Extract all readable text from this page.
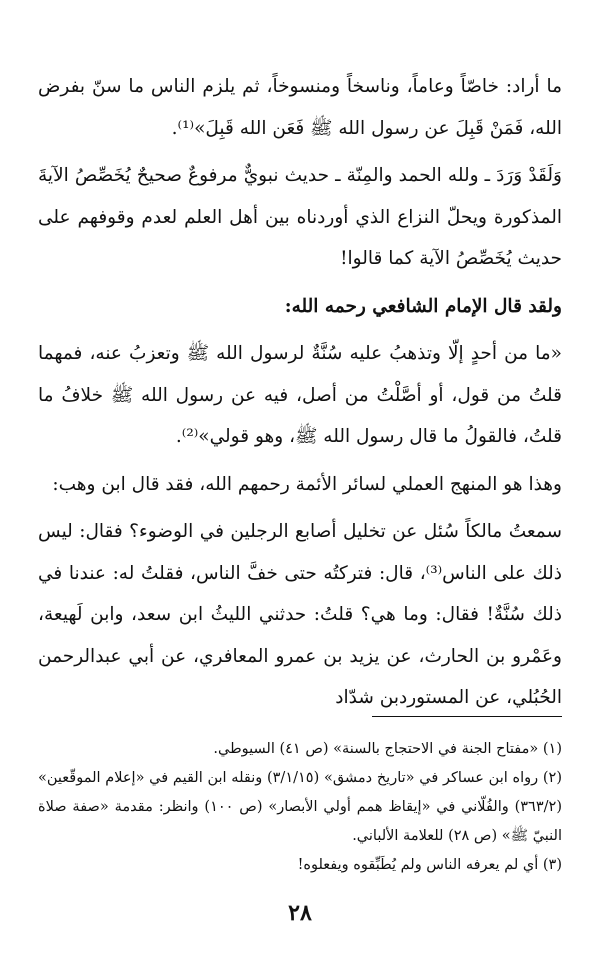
ما أراد: خاصّاً وعاماً، وناسخاً ومنسوخاً، ثم يلزم الناس ما سنّ بفرض الله، فَمَنْ قَبِلَ عن رسول الله ﷺ فَعَن الله قَبِلَ»⁽¹⁾.

وَلَقَدْ وَرَدَ ـ ولله الحمد والمِنّة ـ حديث نبويٌّ مرفوعٌ صحيحٌ يُخَصِّصُ الآيةَ المذكورة ويحلّ النزاع الذي أوردناه بين أهل العلم لعدم وقوفهم على حديث يُخَصِّصُ الآية كما قالوا!

ولقد قال الإمام الشافعي رحمه الله:

«ما من أحدٍ إلّا وتذهبُ عليه سُنَّةٌ لرسول الله ﷺ وتعزبُ عنه، فمهما قلتُ من قول، أو أصَّلْتُ من أصل، فيه عن رسول الله ﷺ خلافُ ما قلتُ، فالقولُ ما قال رسول الله ﷺ، وهو قولي»⁽²⁾.

وهذا هو المنهج العملي لسائر الأئمة رحمهم الله، فقد قال ابن وهب:

سمعتُ مالكاً سُئل عن تخليل أصابع الرجلين في الوضوء؟ فقال: ليس ذلك على الناس⁽³⁾، قال: فتركتُه حتى خفَّ الناس، فقلتُ له: عندنا في ذلك سُنَّةٌ! فقال: وما هي؟ قلتُ: حدثني الليثُ ابن سعد، وابن لَهيعة، وعَمْرو بن الحارث، عن يزيد بن عمرو المعافري، عن أبي عبدالرحمن الحُبُلي، عن المستوردبن شدّاد

(١) «مفتاح الجنة في الاحتجاج بالسنة» (ص ٤١) السيوطي.

(٢) رواه ابن عساكر في «تاريخ دمشق» (٣/١/١٥) ونقله ابن القيم في «إعلام الموقّعين» (٣٦٣/٢) والفُلّاني في «إيقاظ همم أولي الأبصار» (ص ١٠٠) وانظر: مقدمة «صفة صلاة النبيّ ﷺ» (ص ٢٨) للعلامة الألباني.

(٣) أي لم يعرفه الناس ولم يُطَبِّقوه ويفعلوه!

٢٨
